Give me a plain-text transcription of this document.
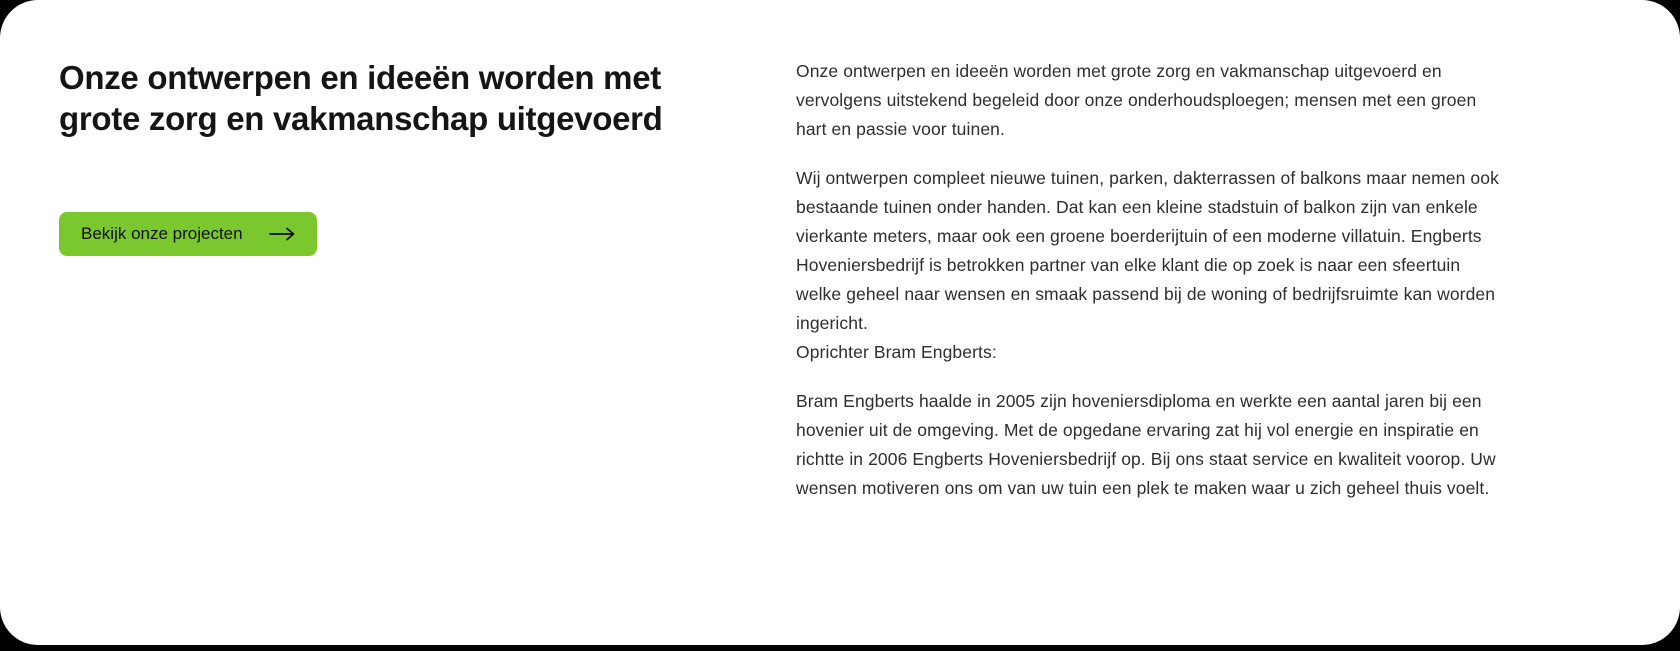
Onze ontwerpen en ideeën worden met
grote zorg en vakmanschap uitgevoerd
Bekijk onze projecten

Onze ontwerpen en ideeën worden met grote zorg en vakmanschap uitgevoerd en vervolgens uitstekend begeleid door onze onderhoudsploegen; mensen met een groen hart en passie voor tuinen.

Wij ontwerpen compleet nieuwe tuinen, parken, dakterrassen of balkons maar nemen ook bestaande tuinen onder handen. Dat kan een kleine stadstuin of balkon zijn van enkele vierkante meters, maar ook een groene boerderijtuin of een moderne villatuin. Engberts Hoveniersbedrijf is betrokken partner van elke klant die op zoek is naar een sfeertuin welke geheel naar wensen en smaak passend bij de woning of bedrijfsruimte kan worden ingericht.

Oprichter Bram Engberts:

Bram Engberts haalde in 2005 zijn hoveniersdiploma en werkte een aantal jaren bij een hovenier uit de omgeving. Met de opgedane ervaring zat hij vol energie en inspiratie en richtte in 2006 Engberts Hoveniersbedrijf op. Bij ons staat service en kwaliteit voorop. Uw wensen motiveren ons om van uw tuin een plek te maken waar u zich geheel thuis voelt.
